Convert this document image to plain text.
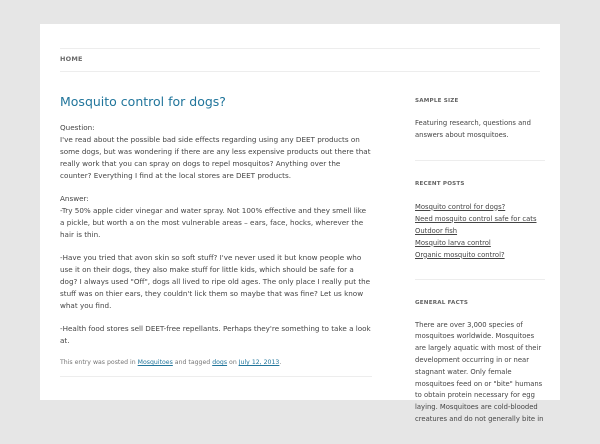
HOME
Mosquito control for dogs?

Question:
I've read about the possible bad side effects regarding using any DEET products on some dogs, but was wondering if there are any less expensive products out there that really work that you can spray on dogs to repel mosquitos? Anything over the counter? Everything I find at the local stores are DEET products.

Answer:
-Try 50% apple cider vinegar and water spray. Not 100% effective and they smell like a pickle, but worth a on the most vulnerable areas – ears, face, hocks, wherever the hair is thin.

-Have you tried that avon skin so soft stuff? I've never used it but know people who use it on their dogs, they also make stuff for little kids, which should be safe for a dog? I always used "Off", dogs all lived to ripe old ages. The only place I really put the stuff was on thier ears, they couldn't lick them so maybe that was fine? Let us know what you find.

-Health food stores sell DEET-free repellants. Perhaps they're something to take a look at.

This entry was posted in Mosquitoes and tagged dogs on July 12, 2013.
SAMPLE SIZE

Featuring research, questions and answers about mosquitoes.

RECENT POSTS
Mosquito control for dogs?
Need mosquito control safe for cats
Outdoor fish
Mosquito larva control
Organic mosquito control?
GENERAL FACTS

There are over 3,000 species of mosquitoes worldwide. Mosquitoes are largely aquatic with most of their development occurring in or near stagnant water. Only female mosquitoes feed on or "bite" humans to obtain protein necessary for egg laying. Mosquitoes are cold-blooded creatures and do not generally bite in
